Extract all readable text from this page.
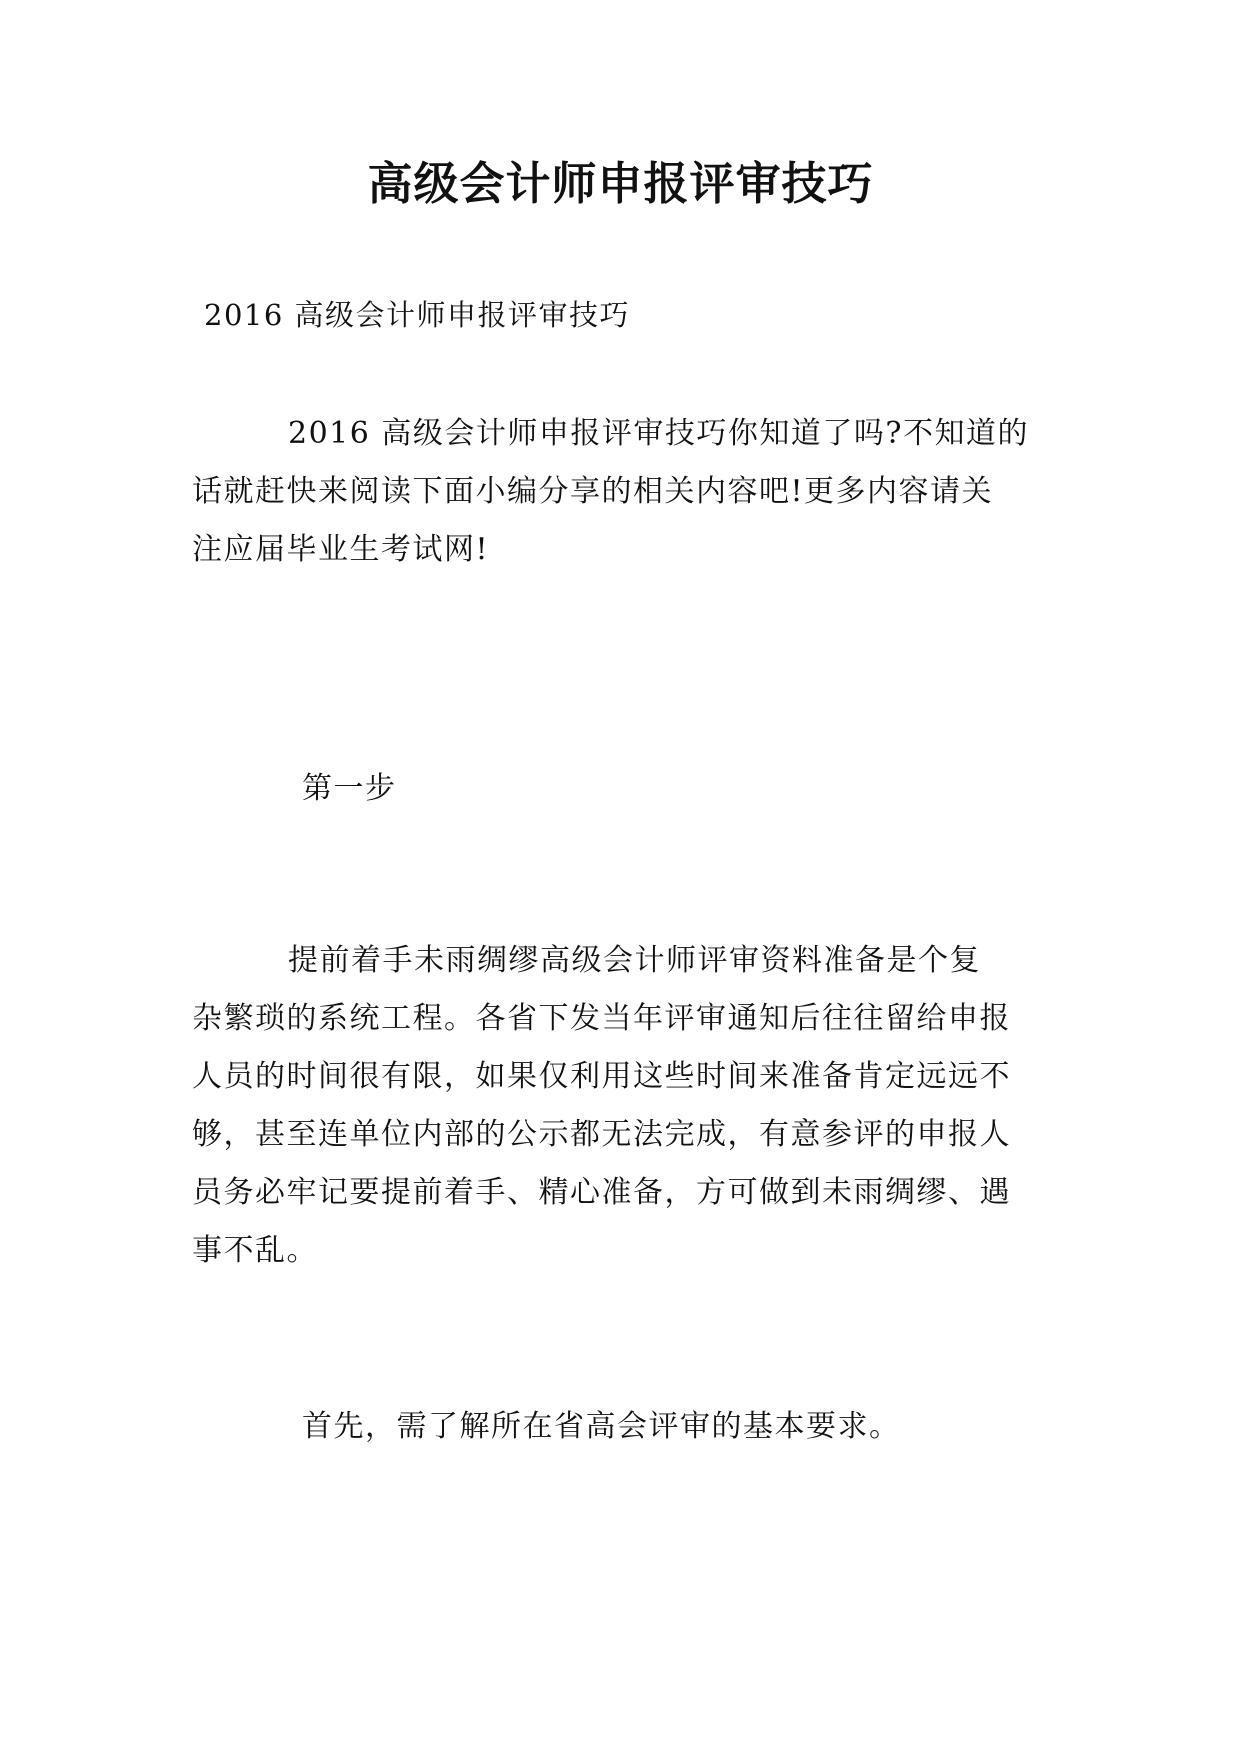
高级会计师申报评审技巧

2016 高级会计师申报评审技巧

2016 高级会计师申报评审技巧你知道了吗?不知道的
话就赶快来阅读下面小编分享的相关内容吧!更多内容请关
注应届毕业生考试网!

第一步

提前着手未雨绸缪高级会计师评审资料准备是个复
杂繁琐的系统工程。各省下发当年评审通知后往往留给申报
人员的时间很有限，如果仅利用这些时间来准备肯定远远不
够，甚至连单位内部的公示都无法完成，有意参评的申报人
员务必牢记要提前着手、精心准备，方可做到未雨绸缪、遇
事不乱。

首先，需了解所在省高会评审的基本要求。
